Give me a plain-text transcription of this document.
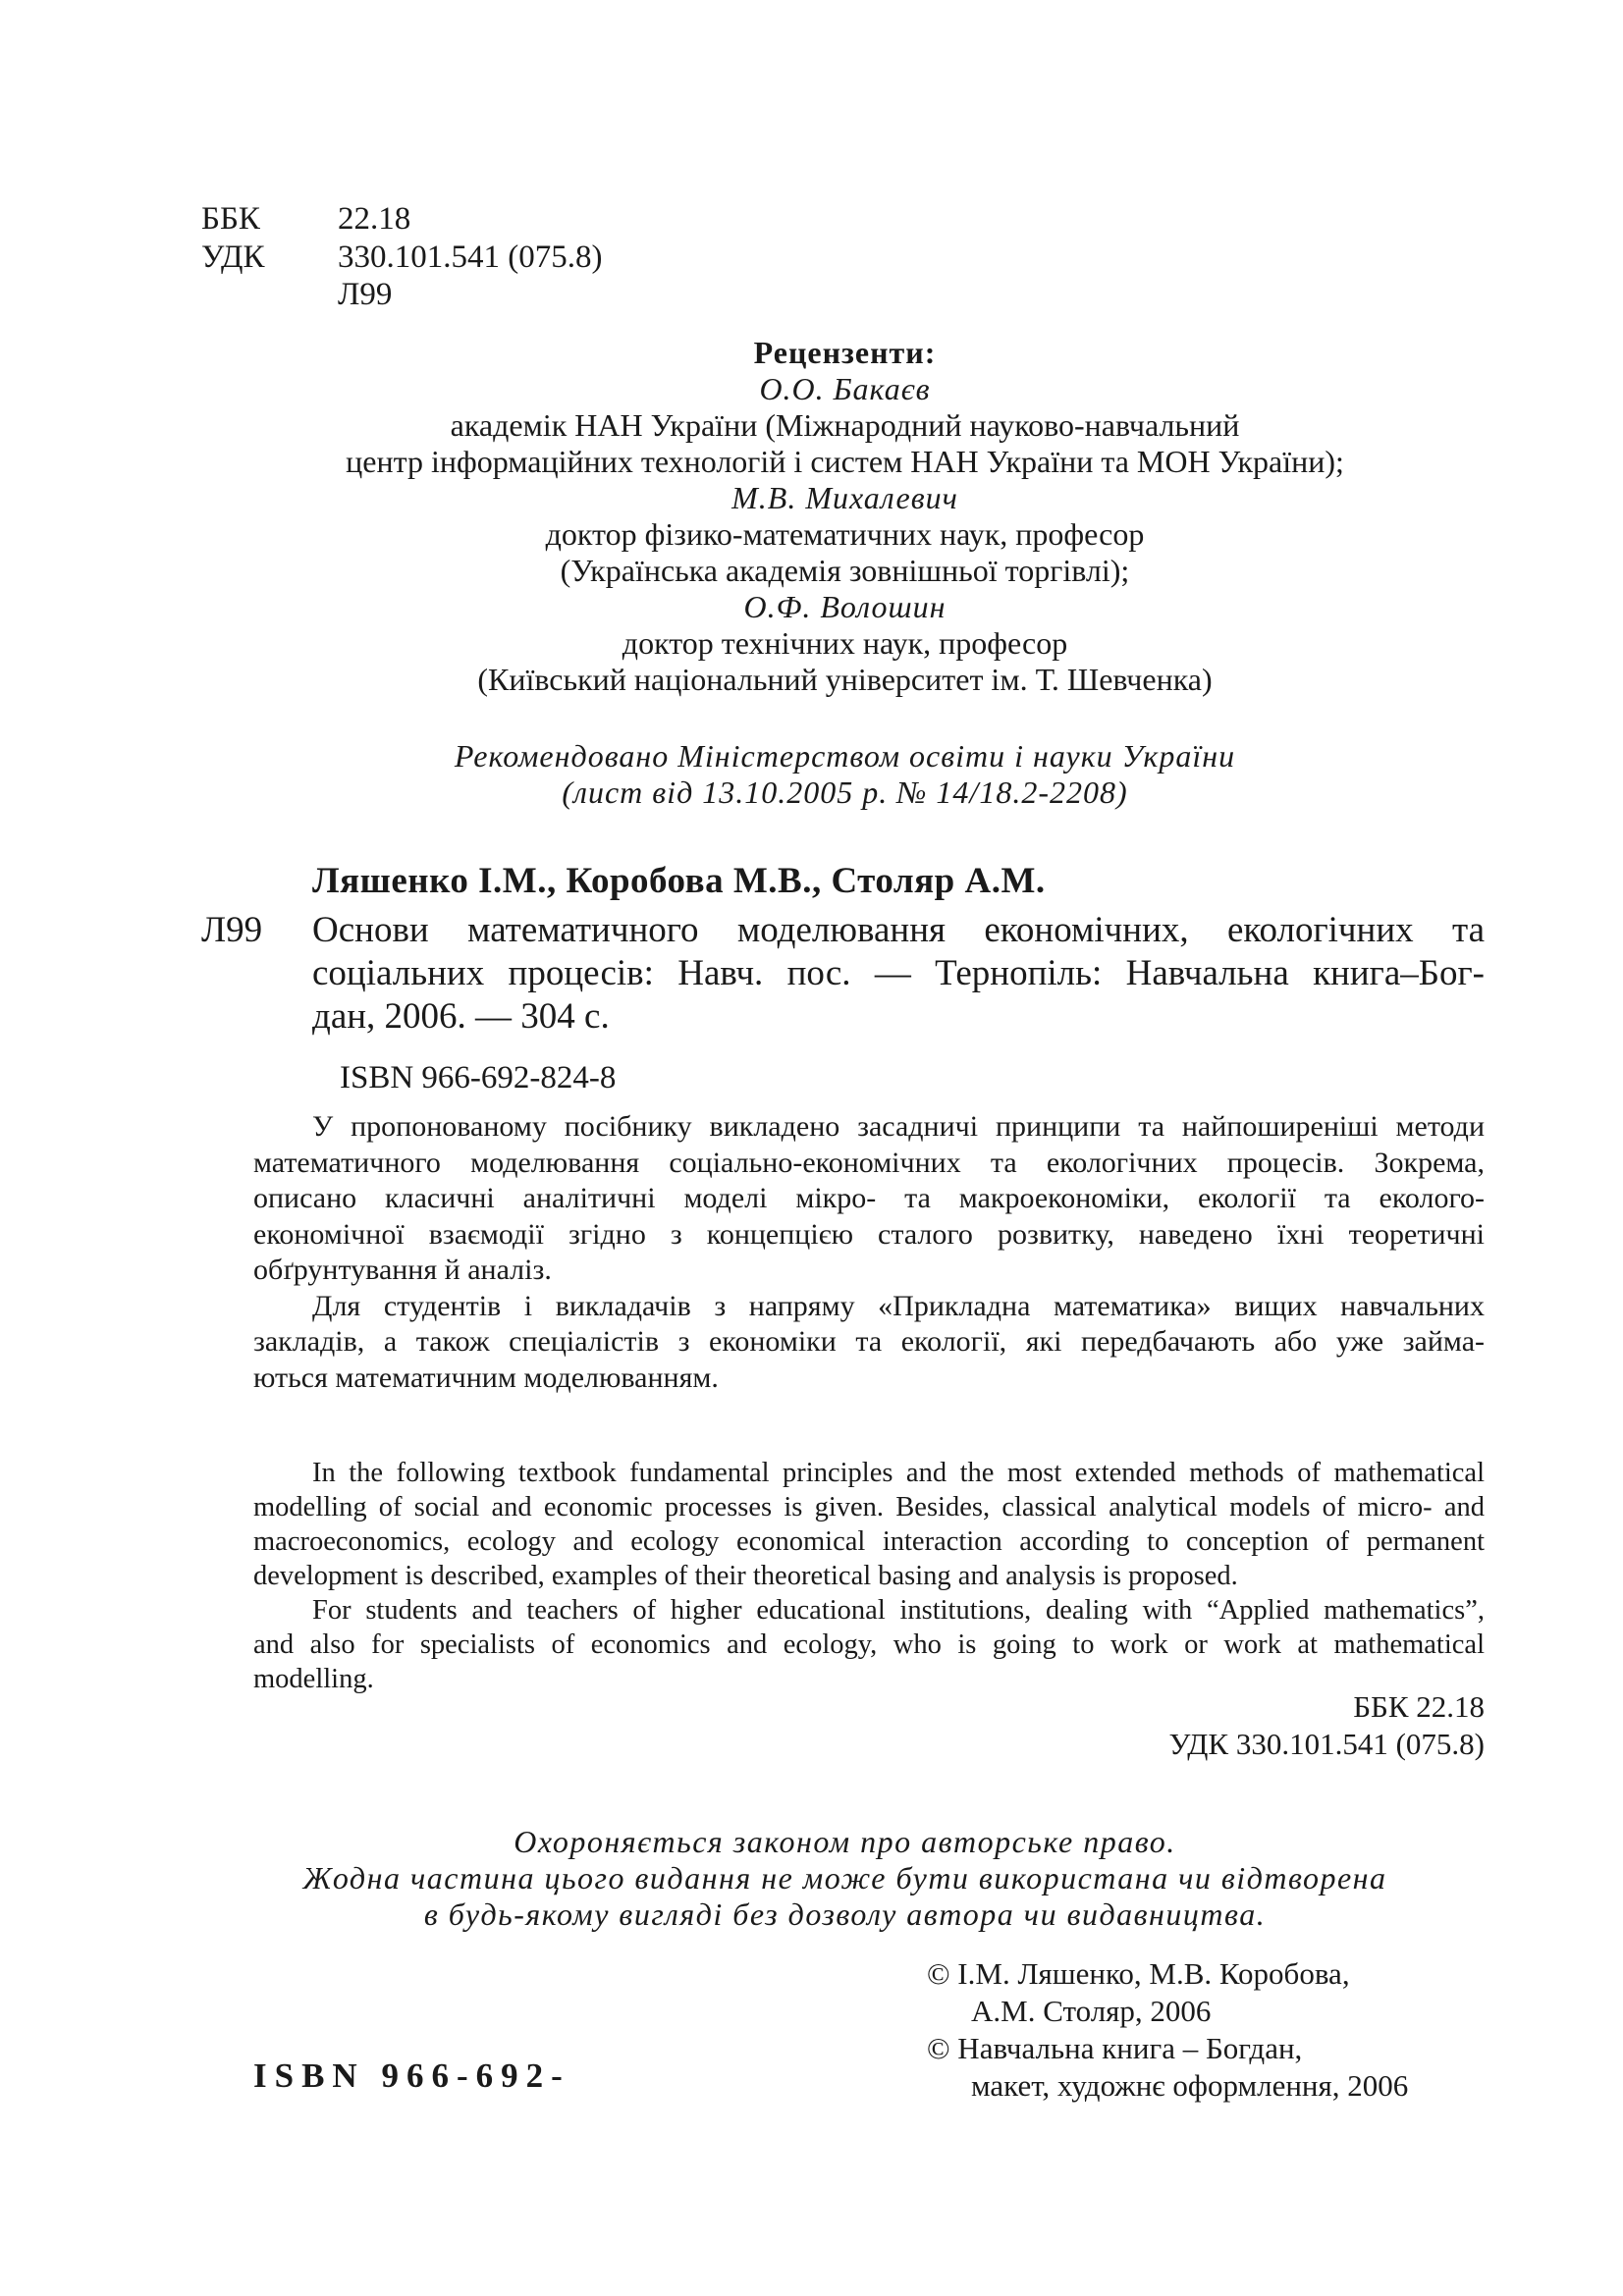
ББК 22.18
УДК 330.101.541 (075.8)
Л99
Рецензенти:
О.О. Бакаєв
академік НАН України (Міжнародний науково-навчальний
центр інформаційних технологій і систем НАН України та МОН України);
М.В. Михалевич
доктор фізико-математичних наук, професор
(Українська академія зовнішньої торгівлі);
О.Ф. Волошин
доктор технічних наук, професор
(Київський національний університет ім. Т. Шевченка)
Рекомендовано Міністерством освіти і науки України
(лист від 13.10.2005 р. № 14/18.2-2208)
Ляшенко І.М., Коробова М.В., Столяр А.М.
Л99 Основи математичного моделювання економічних, екологічних та
соціальних процесів: Навч. пос. — Тернопіль: Навчальна книга–Бог-
дан, 2006. — 304 с.
ISBN 966-692-824-8
У пропонованому посібнику викладено засадничі принципи та найпоширеніші методи
математичного моделювання соціально-економічних та екологічних процесів. Зокрема,
описано класичні аналітичні моделі мікро- та макроекономіки, екології та еколого-
економічної взаємодії згідно з концепцією сталого розвитку, наведено їхні теоретичні
обґрунтування й аналіз.
Для студентів і викладачів з напряму «Прикладна математика» вищих навчальних
закладів, а також спеціалістів з економіки та екології, які передбачають або уже займа-
ються математичним моделюванням.
In the following textbook fundamental principles and the most extended methods of mathematical
modelling of social and economic processes is given. Besides, classical analytical models of micro- and
macroeconomics, ecology and ecology economical interaction according to conception of permanent
development is described, examples of their theoretical basing and analysis is proposed.
For students and teachers of higher educational institutions, dealing with “Applied mathematics”,
and also for specialists of economics and ecology, who is going to work or work at mathematical
modelling.
ББК 22.18
УДК 330.101.541 (075.8)
Охороняється законом про авторське право.
Жодна частина цього видання не може бути використана чи відтворена
в будь-якому вигляді без дозволу автора чи видавництва.
© І.М. Ляшенко, М.В. Коробова,
А.М. Столяр, 2006
© Навчальна книга – Богдан,
макет, художнє оформлення, 2006
ISBN 966-692-
